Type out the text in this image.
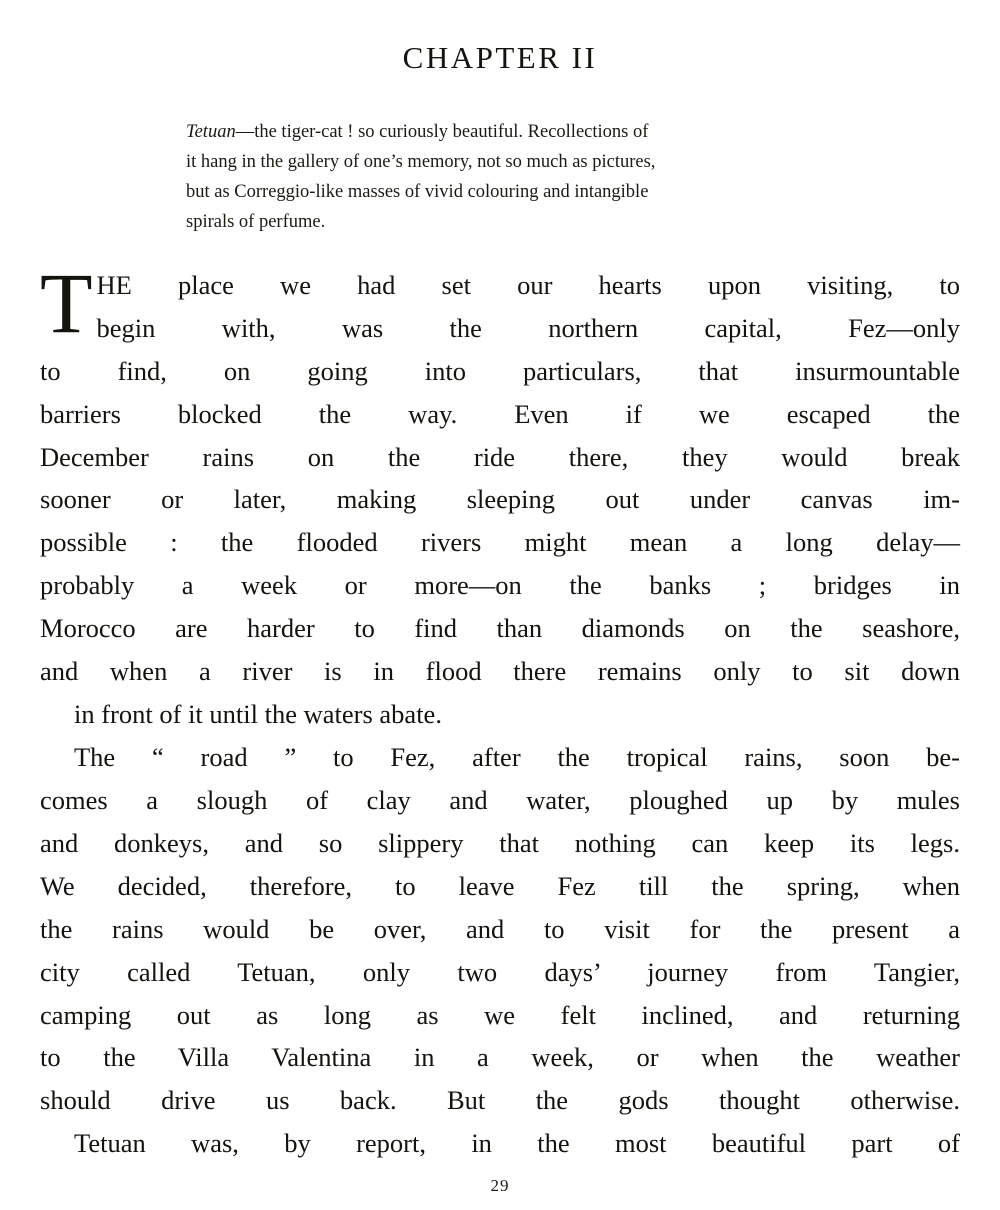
CHAPTER II
Tetuan—the tiger-cat ! so curiously beautiful. Recollections of
it hang in the gallery of one’s memory, not so much as pictures,
but as Correggio-like masses of vivid colouring and intangible
spirals of perfume.
T HE place we had set our hearts upon visiting, to
begin with, was the northern capital, Fez—only
to find, on going into particulars, that insurmountable
barriers blocked the way. Even if we escaped the
December rains on the ride there, they would break
sooner or later, making sleeping out under canvas im-
possible : the flooded rivers might mean a long delay—
probably a week or more—on the banks ; bridges in
Morocco are harder to find than diamonds on the seashore,
and when a river is in flood there remains only to sit down
in front of it until the waters abate.
The “ road ” to Fez, after the tropical rains, soon be-
comes a slough of clay and water, ploughed up by mules
and donkeys, and so slippery that nothing can keep its legs.
We decided, therefore, to leave Fez till the spring, when
the rains would be over, and to visit for the present a
city called Tetuan, only two days’ journey from Tangier,
camping out as long as we felt inclined, and returning
to the Villa Valentina in a week, or when the weather
should drive us back. But the gods thought otherwise.
Tetuan was, by report, in the most beautiful part of
29
